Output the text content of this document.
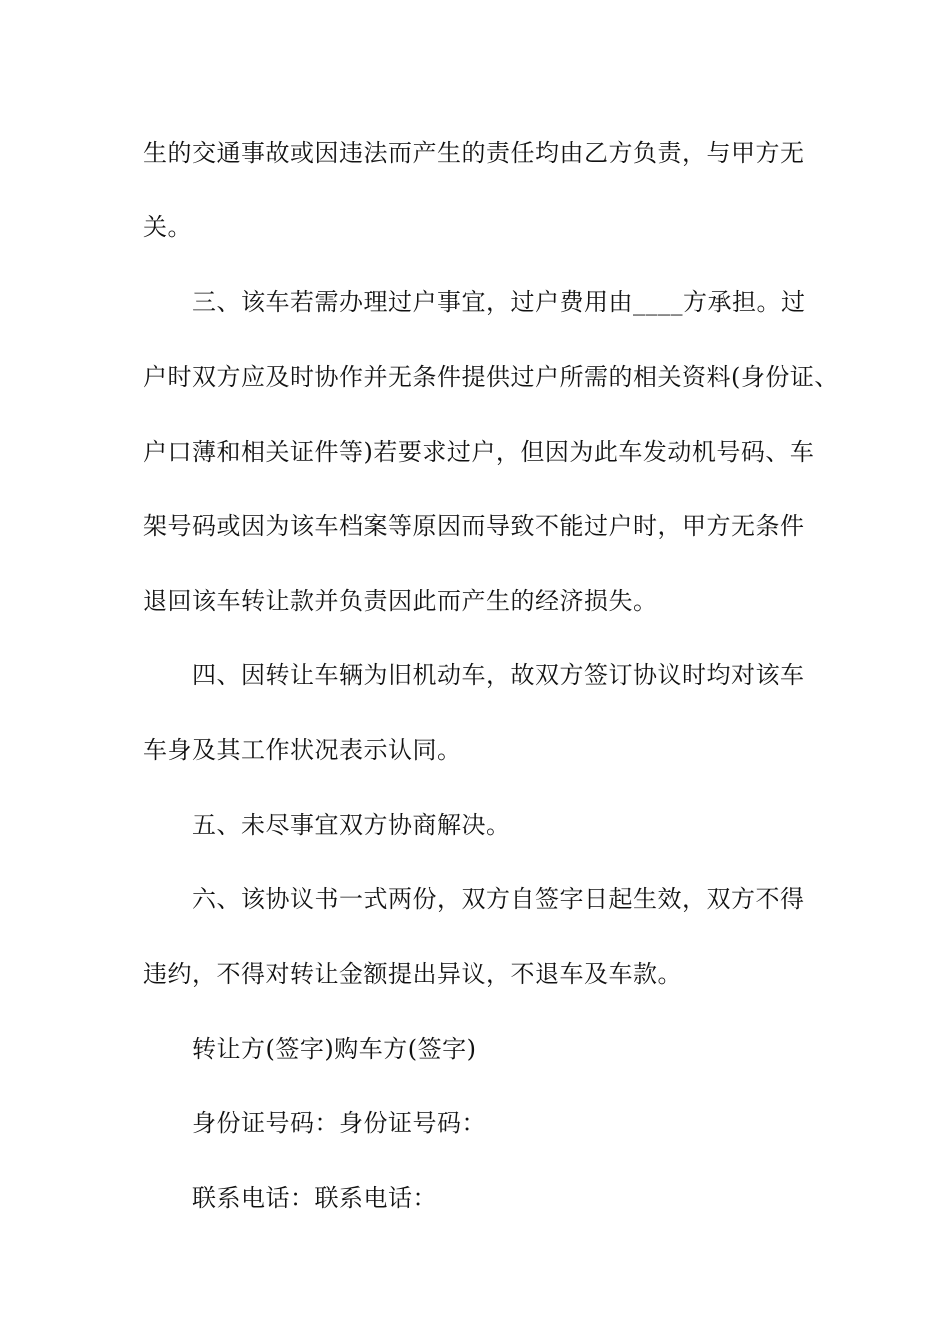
生的交通事故或因违法而产生的责任均由乙方负责，与甲方无
关。
三、该车若需办理过户事宜，过户费用由____方承担。过
户时双方应及时协作并无条件提供过户所需的相关资料(身份证、
户口薄和相关证件等)若要求过户，但因为此车发动机号码、车
架号码或因为该车档案等原因而导致不能过户时，甲方无条件
退回该车转让款并负责因此而产生的经济损失。
四、因转让车辆为旧机动车，故双方签订协议时均对该车
车身及其工作状况表示认同。
五、未尽事宜双方协商解决。
六、该协议书一式两份，双方自签字日起生效，双方不得
违约，不得对转让金额提出异议，不退车及车款。
转让方(签字)购车方(签字)
身份证号码：身份证号码：
联系电话：联系电话：
